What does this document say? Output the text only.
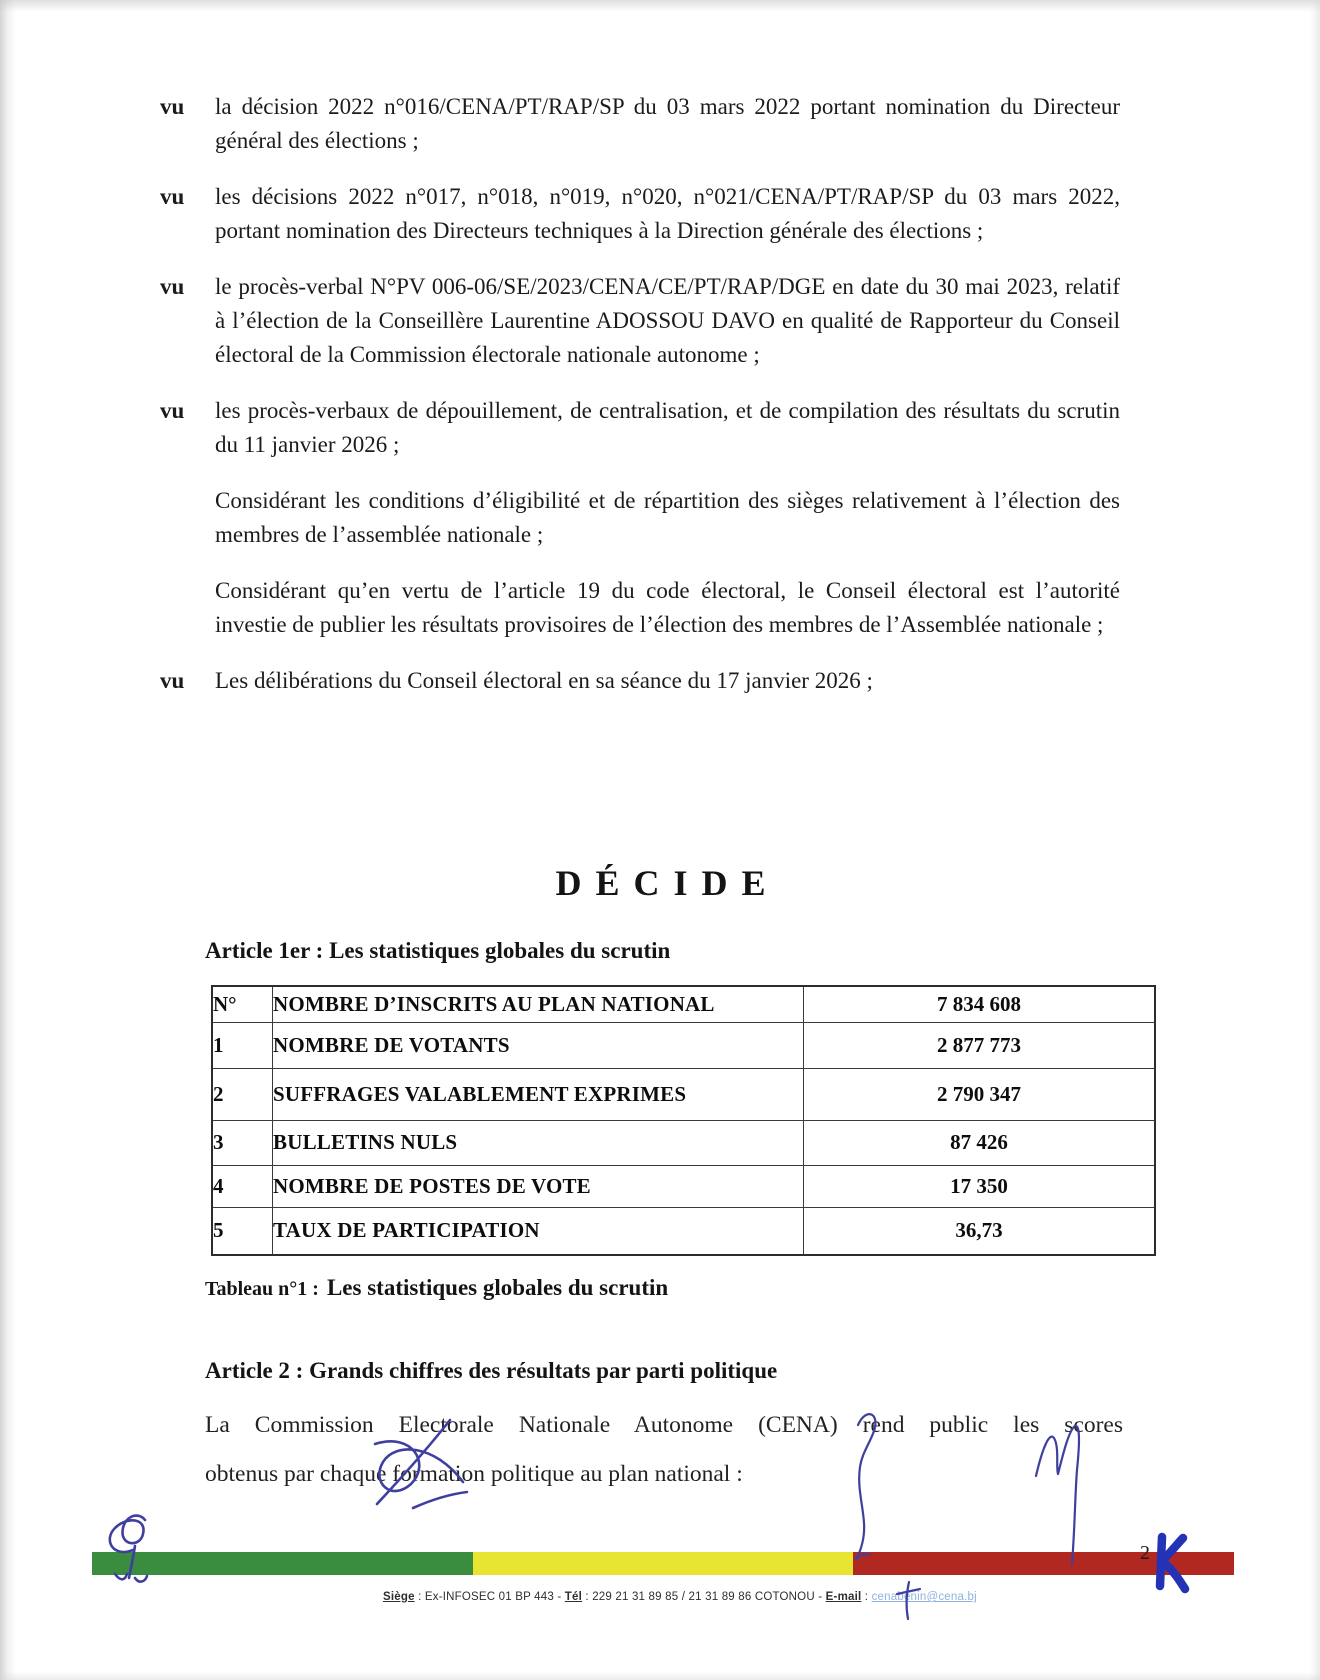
vu	la décision 2022 n°016/CENA/PT/RAP/SP du 03 mars 2022 portant nomination du Directeur général des élections ;
vu	les décisions 2022 n°017, n°018, n°019, n°020, n°021/CENA/PT/RAP/SP du 03 mars 2022, portant nomination des Directeurs techniques à la Direction générale des élections ;
vu	le procès-verbal N°PV 006-06/SE/2023/CENA/CE/PT/RAP/DGE en date du 30 mai 2023, relatif à l’élection de la Conseillère Laurentine ADOSSOU DAVO en qualité de Rapporteur du Conseil électoral de la Commission électorale nationale autonome ;
vu	les procès-verbaux de dépouillement, de centralisation, et de compilation des résultats du scrutin du 11 janvier 2026 ;
Considérant les conditions d’éligibilité et de répartition des sièges relativement à l’élection des membres de l’assemblée nationale ;
Considérant qu’en vertu de l’article 19 du code électoral, le Conseil électoral est l’autorité investie de publier les résultats provisoires de l’élection des membres de l’Assemblée nationale ;
vu	Les délibérations du Conseil électoral en sa séance du 17 janvier 2026 ;
DÉCIDE
Article 1er : Les statistiques globales du scrutin
N°	NOMBRE D’INSCRITS AU PLAN NATIONAL	7 834 608
1	NOMBRE DE VOTANTS	2 877 773
2	SUFFRAGES VALABLEMENT EXPRIMES	2 790 347
3	BULLETINS NULS	87 426
4	NOMBRE DE POSTES DE VOTE	17 350
5	TAUX DE PARTICIPATION	36,73
Tableau n°1 : Les statistiques globales du scrutin
Article 2 : Grands chiffres des résultats par parti politique
La Commission Electorale Nationale Autonome (CENA) rend public les scores
obtenus par chaque formation politique au plan national :
2
Siège : Ex-INFOSEC 01 BP 443 - Tél : 229 21 31 89 85 / 21 31 89 86 COTONOU - E-mail : cenabenin@cena.bj
